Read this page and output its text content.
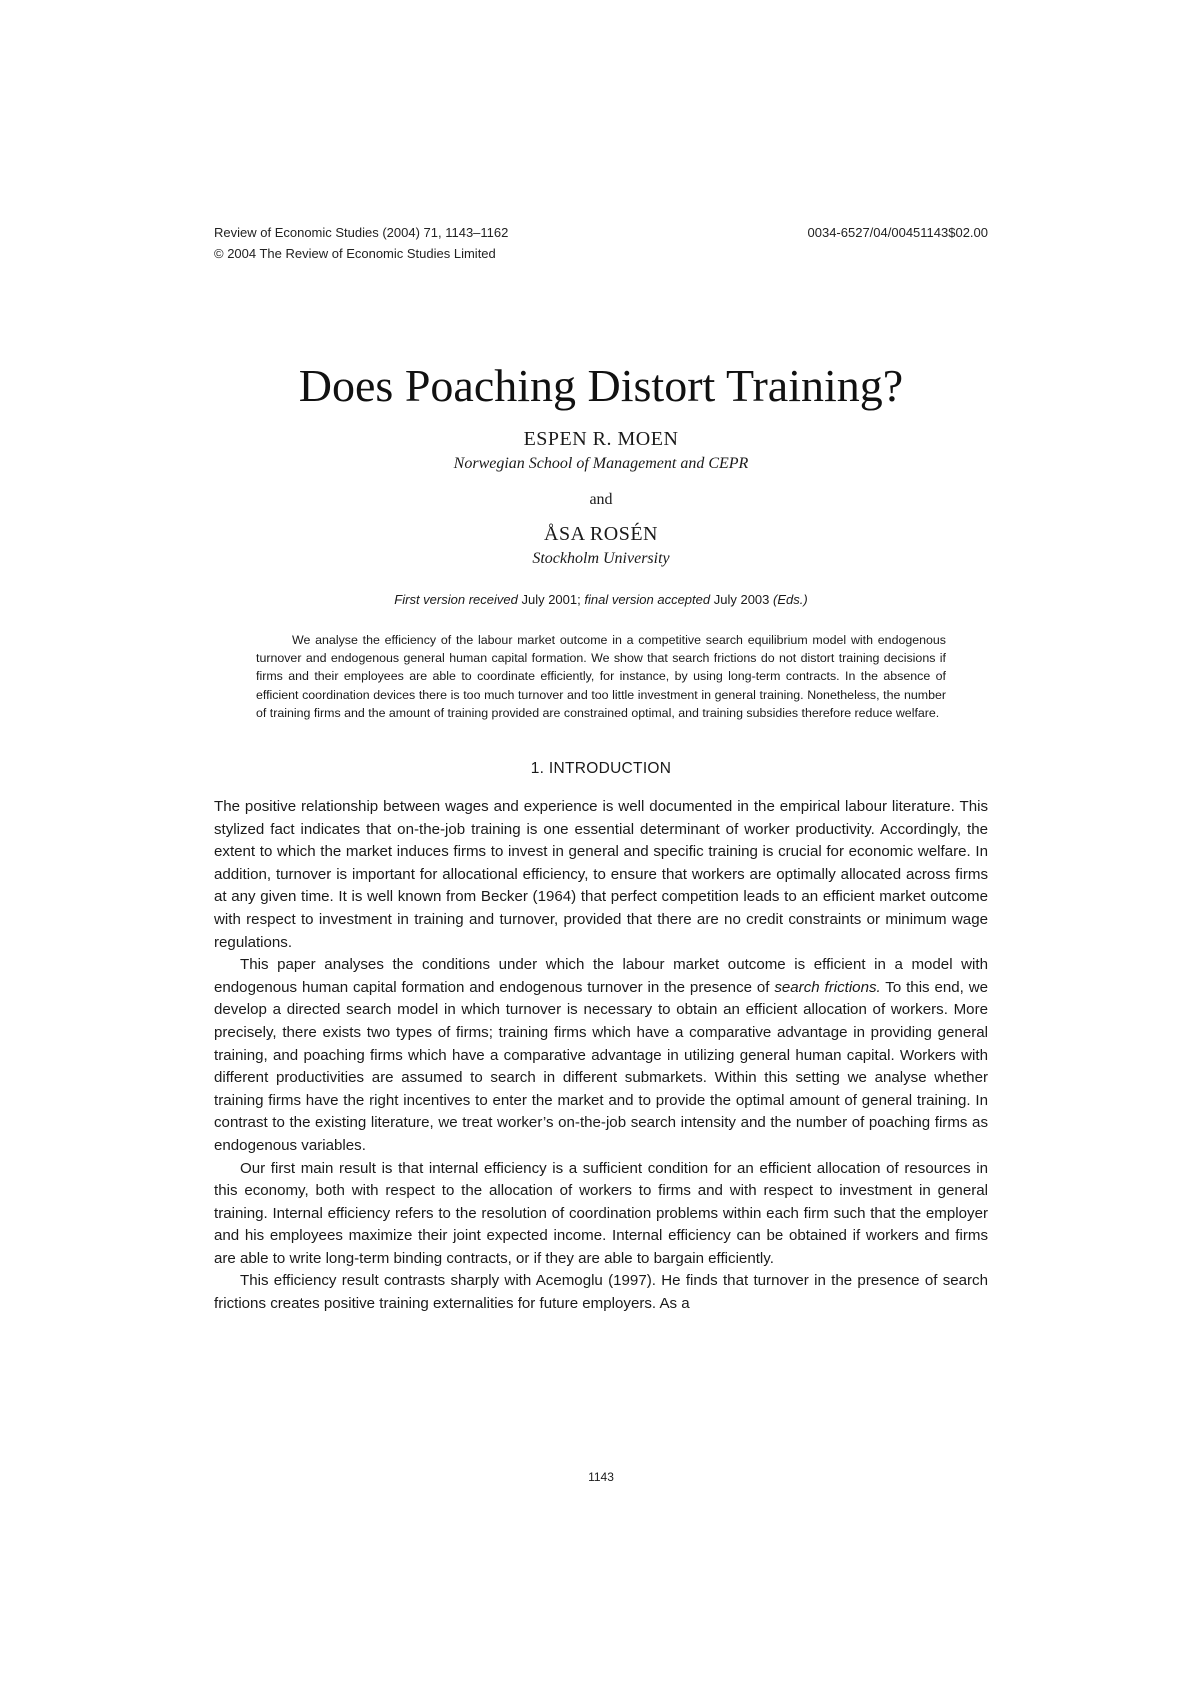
Review of Economic Studies (2004) 71, 1143–1162
© 2004 The Review of Economic Studies Limited
0034-6527/04/00451143$02.00
Does Poaching Distort Training?
ESPEN R. MOEN
Norwegian School of Management and CEPR
and
ÅSA ROSÉN
Stockholm University
First version received July 2001; final version accepted July 2003 (Eds.)
We analyse the efficiency of the labour market outcome in a competitive search equilibrium model with endogenous turnover and endogenous general human capital formation. We show that search frictions do not distort training decisions if firms and their employees are able to coordinate efficiently, for instance, by using long-term contracts. In the absence of efficient coordination devices there is too much turnover and too little investment in general training. Nonetheless, the number of training firms and the amount of training provided are constrained optimal, and training subsidies therefore reduce welfare.
1. INTRODUCTION

The positive relationship between wages and experience is well documented in the empirical labour literature. This stylized fact indicates that on-the-job training is one essential determinant of worker productivity. Accordingly, the extent to which the market induces firms to invest in general and specific training is crucial for economic welfare. In addition, turnover is important for allocational efficiency, to ensure that workers are optimally allocated across firms at any given time. It is well known from Becker (1964) that perfect competition leads to an efficient market outcome with respect to investment in training and turnover, provided that there are no credit constraints or minimum wage regulations.

This paper analyses the conditions under which the labour market outcome is efficient in a model with endogenous human capital formation and endogenous turnover in the presence of search frictions. To this end, we develop a directed search model in which turnover is necessary to obtain an efficient allocation of workers. More precisely, there exists two types of firms; training firms which have a comparative advantage in providing general training, and poaching firms which have a comparative advantage in utilizing general human capital. Workers with different productivities are assumed to search in different submarkets. Within this setting we analyse whether training firms have the right incentives to enter the market and to provide the optimal amount of general training. In contrast to the existing literature, we treat worker’s on-the-job search intensity and the number of poaching firms as endogenous variables.

Our first main result is that internal efficiency is a sufficient condition for an efficient allocation of resources in this economy, both with respect to the allocation of workers to firms and with respect to investment in general training. Internal efficiency refers to the resolution of coordination problems within each firm such that the employer and his employees maximize their joint expected income. Internal efficiency can be obtained if workers and firms are able to write long-term binding contracts, or if they are able to bargain efficiently.

This efficiency result contrasts sharply with Acemoglu (1997). He finds that turnover in the presence of search frictions creates positive training externalities for future employers. As a

1143
